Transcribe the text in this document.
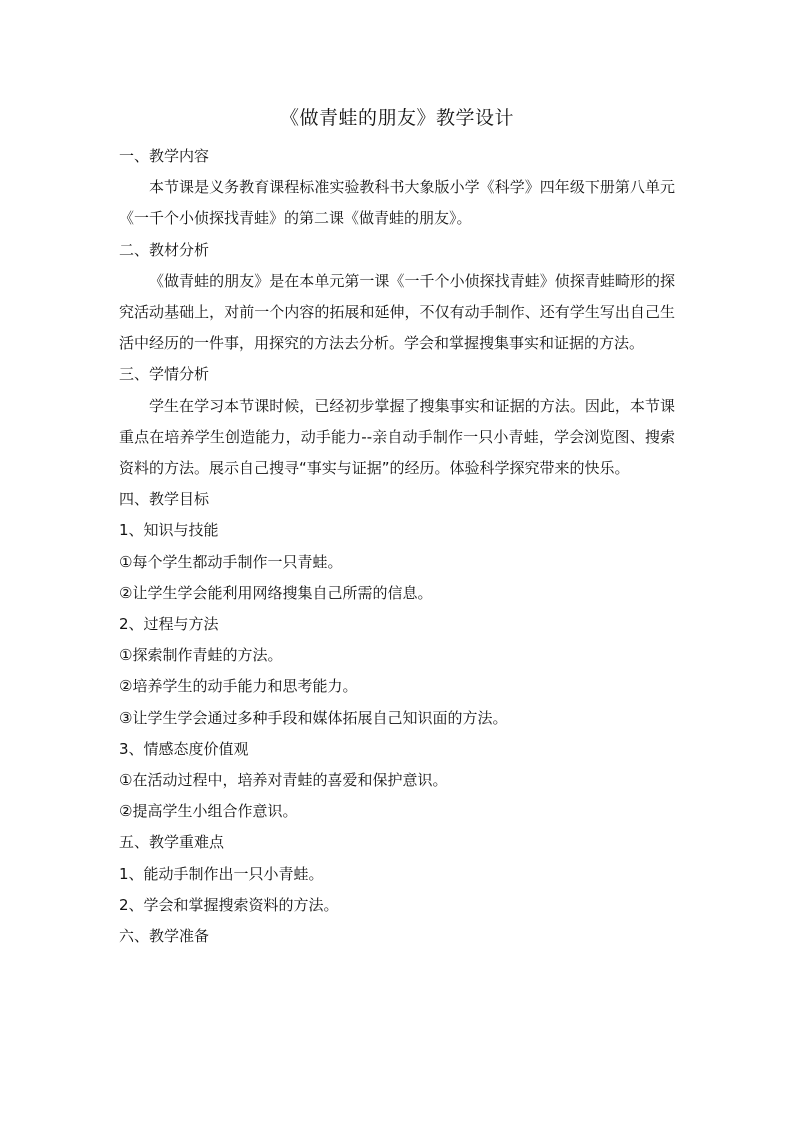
《做青蛙的朋友》教学设计

一、教学内容

本节课是义务教育课程标准实验教科书大象版小学《科学》四年级下册第八单元《一千个小侦探找青蛙》的第二课《做青蛙的朋友》。

二、教材分析

《做青蛙的朋友》是在本单元第一课《一千个小侦探找青蛙》侦探青蛙畸形的探究活动基础上，对前一个内容的拓展和延伸，不仅有动手制作、还有学生写出自己生活中经历的一件事，用探究的方法去分析。学会和掌握搜集事实和证据的方法。

三、学情分析

学生在学习本节课时候，已经初步掌握了搜集事实和证据的方法。因此，本节课重点在培养学生创造能力，动手能力--亲自动手制作一只小青蛙，学会浏览图、搜索资料的方法。展示自己搜寻“事实与证据”的经历。体验科学探究带来的快乐。

四、教学目标

1、知识与技能

①每个学生都动手制作一只青蛙。

②让学生学会能利用网络搜集自己所需的信息。

2、过程与方法

①探索制作青蛙的方法。

②培养学生的动手能力和思考能力。

③让学生学会通过多种手段和媒体拓展自己知识面的方法。

3、情感态度价值观

①在活动过程中，培养对青蛙的喜爱和保护意识。

②提高学生小组合作意识。

五、教学重难点

1、能动手制作出一只小青蛙。

2、学会和掌握搜索资料的方法。

六、教学准备
